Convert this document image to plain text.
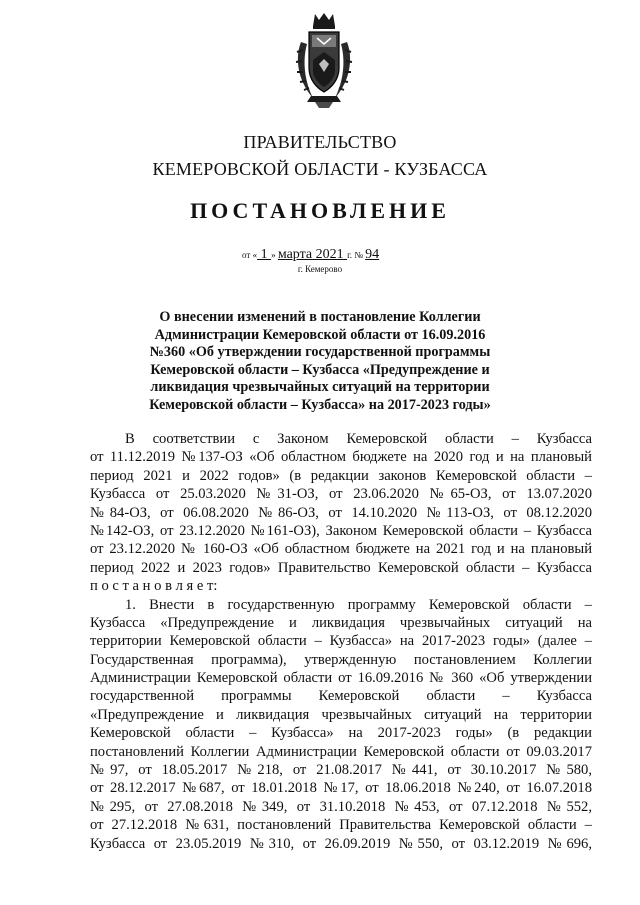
ПРАВИТЕЛЬСТВО
КЕМЕРОВСКОЙ ОБЛАСТИ - КУЗБАССА
ПОСТАНОВЛЕНИЕ
от « 1 » марта 2021 г. № 94
г. Кемерово
О внесении изменений в постановление Коллегии
Администрации Кемеровской области от 16.09.2016
№360 «Об утверждении государственной программы
Кемеровской области – Кузбасса «Предупреждение и
ликвидация чрезвычайных ситуаций на территории
Кемеровской области – Кузбасса» на 2017-2023 годы»
В соответствии с Законом Кемеровской области – Кузбасса
от 11.12.2019 №137-ОЗ «Об областном бюджете на 2020 год и на плановый
период 2021 и 2022 годов» (в редакции законов Кемеровской области –
Кузбасса от 25.03.2020 №31-ОЗ, от 23.06.2020 №65-ОЗ, от 13.07.2020
№84-ОЗ, от 06.08.2020 №86-ОЗ, от 14.10.2020 №113-ОЗ, от 08.12.2020
№142-ОЗ, от 23.12.2020 №161-ОЗ), Законом Кемеровской области – Кузбасса
от 23.12.2020 № 160-ОЗ «Об областном бюджете на 2021 год и на плановый
период 2022 и 2023 годов» Правительство Кемеровской области – Кузбасса
п о с т а н о в л я е т:
1. Внести в государственную программу Кемеровской области –
Кузбасса «Предупреждение и ликвидация чрезвычайных ситуаций на
территории Кемеровской области – Кузбасса» на 2017-2023 годы» (далее –
Государственная программа), утвержденную постановлением Коллегии
Администрации Кемеровской области от 16.09.2016 № 360 «Об утверждении
государственной программы Кемеровской области – Кузбасса
«Предупреждение и ликвидация чрезвычайных ситуаций на территории
Кемеровской области – Кузбасса» на 2017-2023 годы» (в редакции
постановлений Коллегии Администрации Кемеровской области от 09.03.2017
№97, от 18.05.2017 №218, от 21.08.2017 №441, от 30.10.2017 №580,
от 28.12.2017 №687, от 18.01.2018 №17, от 18.06.2018 №240, от 16.07.2018
№295, от 27.08.2018 №349, от 31.10.2018 №453, от 07.12.2018 №552,
от 27.12.2018 №631, постановлений Правительства Кемеровской области –
Кузбасса от 23.05.2019 №310, от 26.09.2019 №550, от 03.12.2019 №696,
